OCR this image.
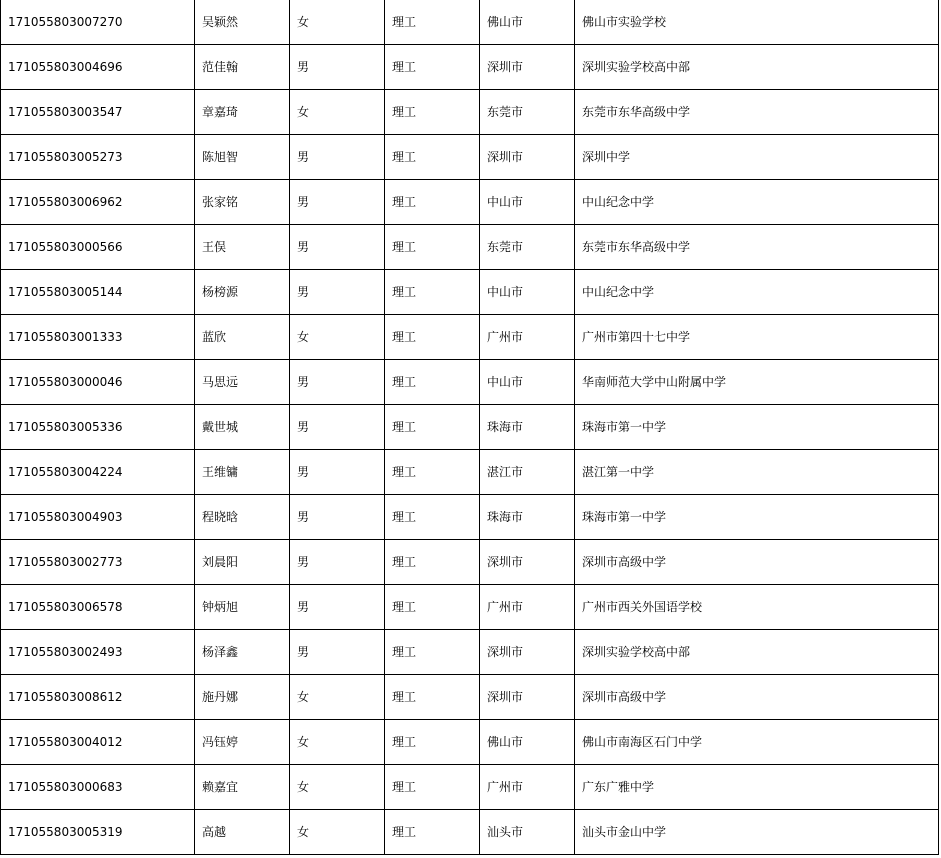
171055803007270	吴颖然	女	理工	佛山市	佛山市实验学校
171055803004696	范佳翰	男	理工	深圳市	深圳实验学校高中部
171055803003547	章嘉琦	女	理工	东莞市	东莞市东华高级中学
171055803005273	陈旭智	男	理工	深圳市	深圳中学
171055803006962	张家铭	男	理工	中山市	中山纪念中学
171055803000566	王俣	男	理工	东莞市	东莞市东华高级中学
171055803005144	杨榜源	男	理工	中山市	中山纪念中学
171055803001333	蓝欣	女	理工	广州市	广州市第四十七中学
171055803000046	马思远	男	理工	中山市	华南师范大学中山附属中学
171055803005336	戴世城	男	理工	珠海市	珠海市第一中学
171055803004224	王维镛	男	理工	湛江市	湛江第一中学
171055803004903	程晓晗	男	理工	珠海市	珠海市第一中学
171055803002773	刘晨阳	男	理工	深圳市	深圳市高级中学
171055803006578	钟炳旭	男	理工	广州市	广州市西关外国语学校
171055803002493	杨泽鑫	男	理工	深圳市	深圳实验学校高中部
171055803008612	施丹娜	女	理工	深圳市	深圳市高级中学
171055803004012	冯钰婷	女	理工	佛山市	佛山市南海区石门中学
171055803000683	赖嘉宜	女	理工	广州市	广东广雅中学
171055803005319	高越	女	理工	汕头市	汕头市金山中学
